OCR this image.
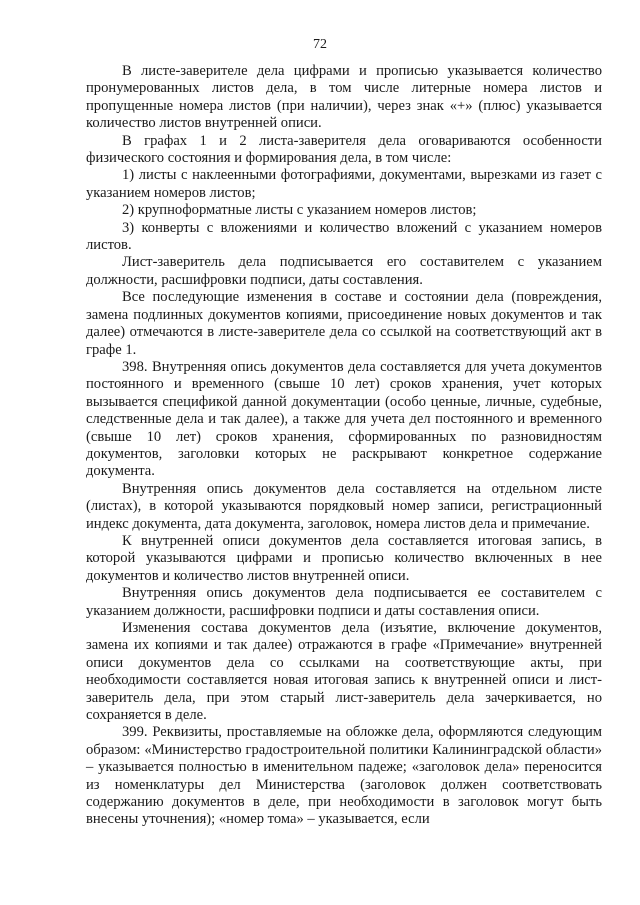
72

В листе-заверителе дела цифрами и прописью указывается количество пронумерованных листов дела, в том числе литерные номера листов и пропущенные номера листов (при наличии), через знак «+» (плюс) указывается количество листов внутренней описи.

В графах 1 и 2 листа-заверителя дела оговариваются особенности физического состояния и формирования дела, в том числе:

1) листы с наклеенными фотографиями, документами, вырезками из газет с указанием номеров листов;

2) крупноформатные листы с указанием номеров листов;

3) конверты с вложениями и количество вложений с указанием номеров листов.

Лист-заверитель дела подписывается его составителем с указанием должности, расшифровки подписи, даты составления.

Все последующие изменения в составе и состоянии дела (повреждения, замена подлинных документов копиями, присоединение новых документов и так далее) отмечаются в листе-заверителе дела со ссылкой на соответствующий акт в графе 1.

398. Внутренняя опись документов дела составляется для учета документов постоянного и временного (свыше 10 лет) сроков хранения, учет которых вызывается спецификой данной документации (особо ценные, личные, судебные, следственные дела и так далее), а также для учета дел постоянного и временного (свыше 10 лет) сроков хранения, сформированных по разновидностям документов, заголовки которых не раскрывают конкретное содержание документа.

Внутренняя опись документов дела составляется на отдельном листе (листах), в которой указываются порядковый номер записи, регистрационный индекс документа, дата документа, заголовок, номера листов дела и примечание.

К внутренней описи документов дела составляется итоговая запись, в которой указываются цифрами и прописью количество включенных в нее документов и количество листов внутренней описи.

Внутренняя опись документов дела подписывается ее составителем с указанием должности, расшифровки подписи и даты составления описи.

Изменения состава документов дела (изъятие, включение документов, замена их копиями и так далее) отражаются в графе «Примечание» внутренней описи документов дела со ссылками на соответствующие акты, при необходимости составляется новая итоговая запись к внутренней описи и лист-заверитель дела, при этом старый лист-заверитель дела зачеркивается, но сохраняется в деле.

399. Реквизиты, проставляемые на обложке дела, оформляются следующим образом: «Министерство градостроительной политики Калининградской области» – указывается полностью в именительном падеже; «заголовок дела» переносится из номенклатуры дел Министерства (заголовок должен соответствовать содержанию документов в деле, при необходимости в заголовок могут быть внесены уточнения); «номер тома» – указывается, если
